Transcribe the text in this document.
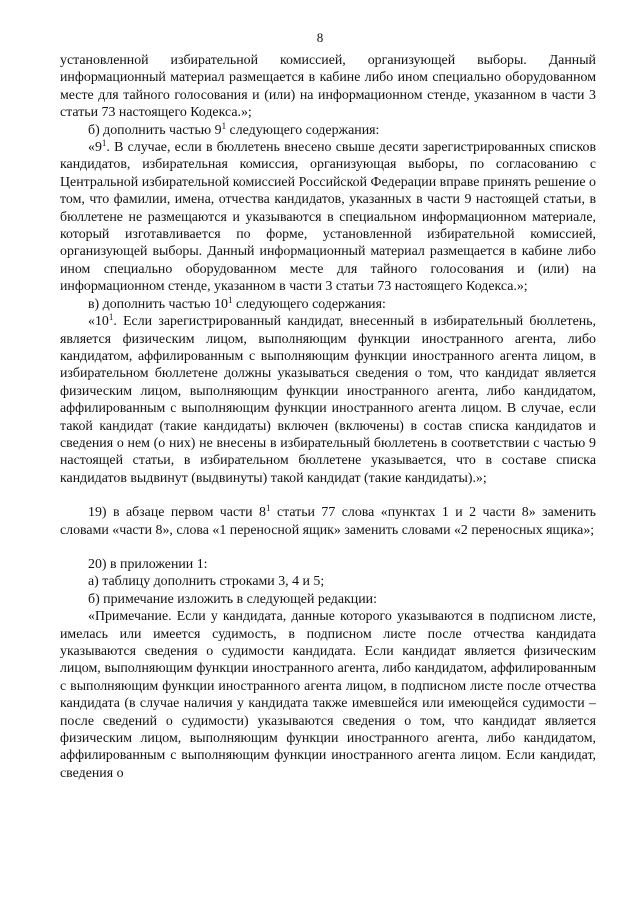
8

установленной избирательной комиссией, организующей выборы. Данный информационный материал размещается в кабине либо ином специально оборудованном месте для тайного голосования и (или) на информационном стенде, указанном в части 3 статьи 73 настоящего Кодекса.»;

б) дополнить частью $9^1$ следующего содержания:

«$9^1$. В случае, если в бюллетень внесено свыше десяти зарегистрированных списков кандидатов, избирательная комиссия, организующая выборы, по согласованию с Центральной избирательной комиссией Российской Федерации вправе принять решение о том, что фамилии, имена, отчества кандидатов, указанных в части 9 настоящей статьи, в бюллетене не размещаются и указываются в специальном информационном материале, который изготавливается по форме, установленной избирательной комиссией, организующей выборы. Данный информационный материал размещается в кабине либо ином специально оборудованном месте для тайного голосования и (или) на информационном стенде, указанном в части 3 статьи 73 настоящего Кодекса.»;

в) дополнить частью $10^1$ следующего содержания:

«$10^1$. Если зарегистрированный кандидат, внесенный в избирательный бюллетень, является физическим лицом, выполняющим функции иностранного агента, либо кандидатом, аффилированным с выполняющим функции иностранного агента лицом, в избирательном бюллетене должны указываться сведения о том, что кандидат является физическим лицом, выполняющим функции иностранного агента, либо кандидатом, аффилированным с выполняющим функции иностранного агента лицом. В случае, если такой кандидат (такие кандидаты) включен (включены) в состав списка кандидатов и сведения о нем (о них) не внесены в избирательный бюллетень в соответствии с частью 9 настоящей статьи, в избирательном бюллетене указывается, что в составе списка кандидатов выдвинут (выдвинуты) такой кандидат (такие кандидаты).»;

19) в абзаце первом части $8^1$ статьи 77 слова «пунктах 1 и 2 части 8» заменить словами «части 8», слова «1 переносной ящик» заменить словами «2 переносных ящика»;

20) в приложении 1:

а) таблицу дополнить строками 3, 4 и 5;

б) примечание изложить в следующей редакции:

«Примечание. Если у кандидата, данные которого указываются в подписном листе, имелась или имеется судимость, в подписном листе после отчества кандидата указываются сведения о судимости кандидата. Если кандидат является физическим лицом, выполняющим функции иностранного агента, либо кандидатом, аффилированным с выполняющим функции иностранного агента лицом, в подписном листе после отчества кандидата (в случае наличия у кандидата также имевшейся или имеющейся судимости – после сведений о судимости) указываются сведения о том, что кандидат является физическим лицом, выполняющим функции иностранного агента, либо кандидатом, аффилированным с выполняющим функции иностранного агента лицом. Если кандидат, сведения о
